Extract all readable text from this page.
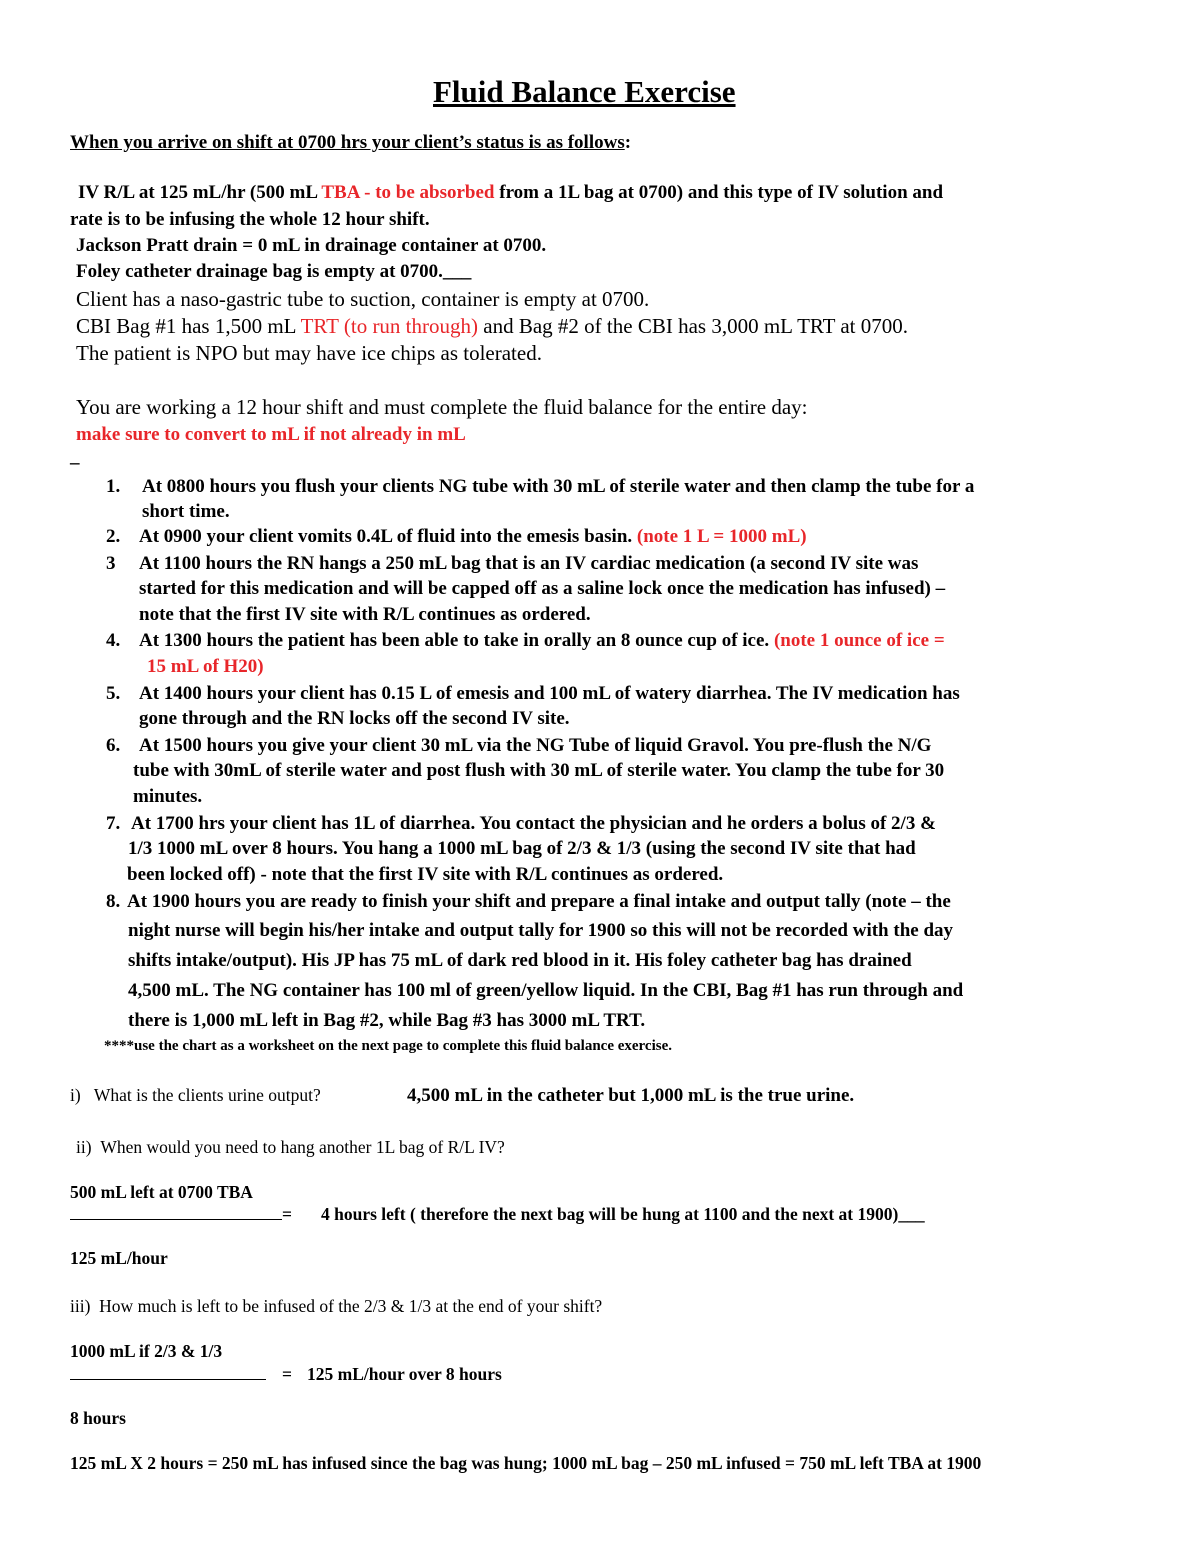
Fluid Balance Exercise
When you arrive on shift at 0700 hrs your client’s status is as follows:
IV R/L at 125 mL/hr (500 mL TBA - to be absorbed from a 1L bag at 0700) and this type of IV solution and
rate is to be infusing the whole 12 hour shift.
Jackson Pratt drain = 0 mL in drainage container at 0700.
Foley catheter drainage bag is empty at 0700.___
Client has a naso-gastric tube to suction, container is empty at 0700.
CBI Bag #1 has 1,500 mL TRT (to run through) and Bag #2 of the CBI has 3,000 mL TRT at 0700.
The patient is NPO but may have ice chips as tolerated.
You are working a 12 hour shift and must complete the fluid balance for the entire day:
make sure to convert to mL if not already in mL
_
1. At 0800 hours you flush your clients NG tube with 30 mL of sterile water and then clamp the tube for a
short time.
2. At 0900 your client vomits 0.4L of fluid into the emesis basin. (note 1 L = 1000 mL)
3 At 1100 hours the RN hangs a 250 mL bag that is an IV cardiac medication (a second IV site was
started for this medication and will be capped off as a saline lock once the medication has infused) –
note that the first IV site with R/L continues as ordered.
4. At 1300 hours the patient has been able to take in orally an 8 ounce cup of ice. (note 1 ounce of ice =
15 mL of H20)
5. At 1400 hours your client has 0.15 L of emesis and 100 mL of watery diarrhea. The IV medication has
gone through and the RN locks off the second IV site.
6. At 1500 hours you give your client 30 mL via the NG Tube of liquid Gravol. You pre-flush the N/G
tube with 30mL of sterile water and post flush with 30 mL of sterile water. You clamp the tube for 30
minutes.
7. At 1700 hrs your client has 1L of diarrhea. You contact the physician and he orders a bolus of 2/3 &
1/3 1000 mL over 8 hours. You hang a 1000 mL bag of 2/3 & 1/3 (using the second IV site that had
been locked off) - note that the first IV site with R/L continues as ordered.
8. At 1900 hours you are ready to finish your shift and prepare a final intake and output tally (note – the
night nurse will begin his/her intake and output tally for 1900 so this will not be recorded with the day
shifts intake/output). His JP has 75 mL of dark red blood in it. His foley catheter bag has drained
4,500 mL. The NG container has 100 ml of green/yellow liquid. In the CBI, Bag #1 has run through and
there is 1,000 mL left in Bag #2, while Bag #3 has 3000 mL TRT.
****use the chart as a worksheet on the next page to complete this fluid balance exercise.
i) What is the clients urine output?	4,500 mL in the catheter but 1,000 mL is the true urine.
ii) When would you need to hang another 1L bag of R/L IV?
500 mL left at 0700 TBA
= 4 hours left ( therefore the next bag will be hung at 1100 and the next at 1900)___
125 mL/hour
iii) How much is left to be infused of the 2/3 & 1/3 at the end of your shift?
1000 mL if 2/3 & 1/3
= 125 mL/hour over 8 hours
8 hours
125 mL X 2 hours = 250 mL has infused since the bag was hung; 1000 mL bag – 250 mL infused = 750 mL left TBA at 1900
